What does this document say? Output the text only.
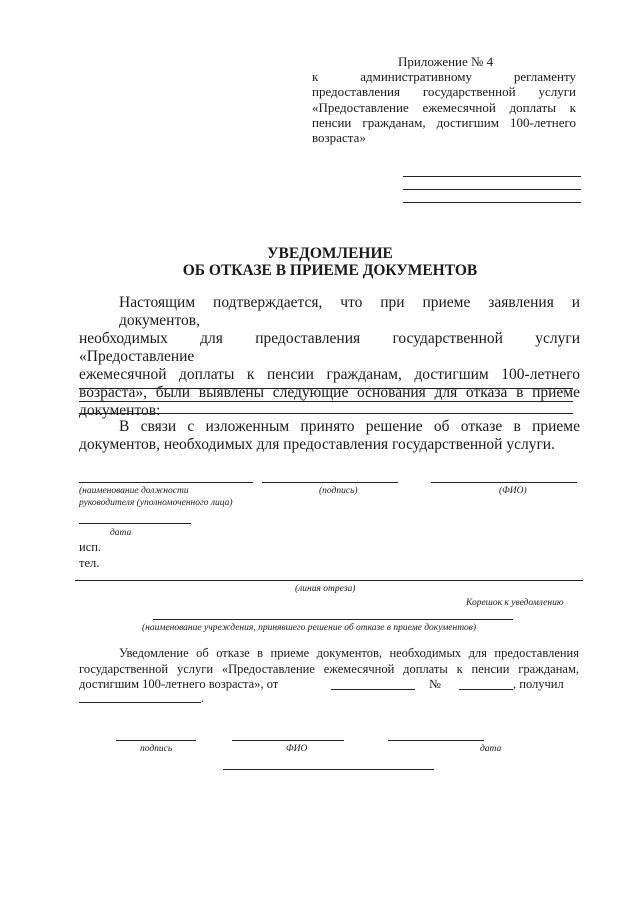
Приложение № 4
к административному регламенту
предоставления государственной услуги
«Предоставление ежемесячной доплаты к
пенсии гражданам, достигшим 100-летнего
возраста»
УВЕДОМЛЕНИЕ
ОБ ОТКАЗЕ В ПРИЕМЕ ДОКУМЕНТОВ
Настоящим подтверждается, что при приеме заявления и документов,
необходимых для предоставления государственной услуги «Предоставление
ежемесячной доплаты к пенсии гражданам, достигшим 100-летнего
возраста», были выявлены следующие основания для отказа в приеме
документов:
В связи с изложенным принято решение об отказе в приеме
документов, необходимых для предоставления государственной услуги.
(наименование должности	(подпись)	(ФИО)
руководителя (уполномоченного лица)
дата
исп.
тел.
(линия отреза)
Корешок к уведомлению
(наименование учреждения, принявшего решение об отказе в приеме документов)
Уведомление об отказе в приеме документов, необходимых для предоставления
государственной услуги «Предоставление ежемесячной доплаты к пенсии гражданам,
достигшим 100-летнего возраста», от	№	, получил
.
подпись	ФИО	дата
